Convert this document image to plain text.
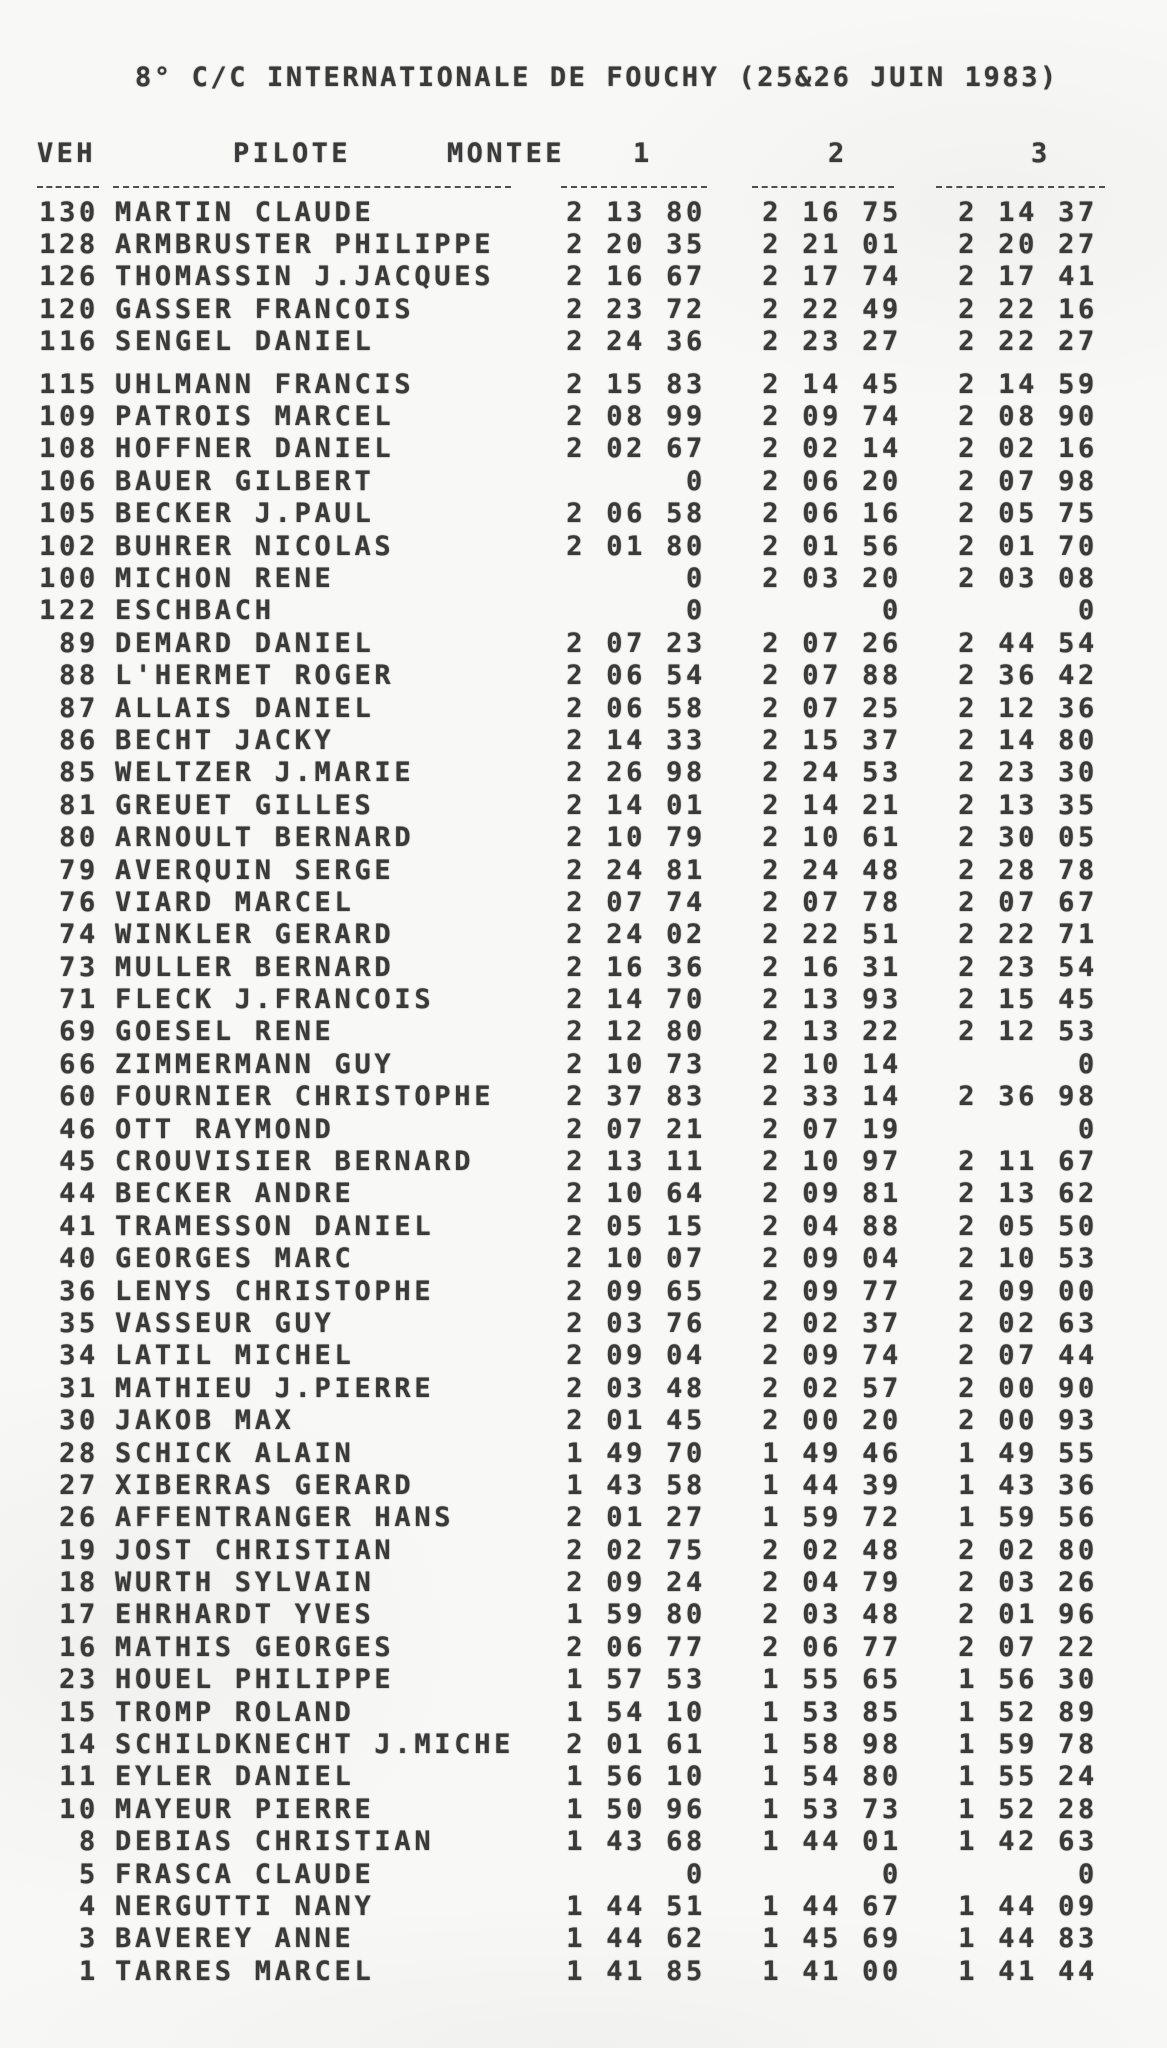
8° C/C INTERNATIONALE DE FOUCHY (25&26 JUIN 1983)
VEH	PILOTE	MONTEE	1	2	3
130 MARTIN CLAUDE	2 13 80	2 16 75	2 14 37
128 ARMBRUSTER PHILIPPE	2 20 35	2 21 01	2 20 27
126 THOMASSIN J.JACQUES	2 16 67	2 17 74	2 17 41
120 GASSER FRANCOIS	2 23 72	2 22 49	2 22 16
116 SENGEL DANIEL	2 24 36	2 23 27	2 22 27
115 UHLMANN FRANCIS	2 15 83	2 14 45	2 14 59
109 PATROIS MARCEL	2 08 99	2 09 74	2 08 90
108 HOFFNER DANIEL	2 02 67	2 02 14	2 02 16
106 BAUER GILBERT	0	2 06 20	2 07 98
105 BECKER J.PAUL	2 06 58	2 06 16	2 05 75
102 BUHRER NICOLAS	2 01 80	2 01 56	2 01 70
100 MICHON RENE	0	2 03 20	2 03 08
122 ESCHBACH	0	0	0
89 DEMARD DANIEL	2 07 23	2 07 26	2 44 54
88 L'HERMET ROGER	2 06 54	2 07 88	2 36 42
87 ALLAIS DANIEL	2 06 58	2 07 25	2 12 36
86 BECHT JACKY	2 14 33	2 15 37	2 14 80
85 WELTZER J.MARIE	2 26 98	2 24 53	2 23 30
81 GREUET GILLES	2 14 01	2 14 21	2 13 35
80 ARNOULT BERNARD	2 10 79	2 10 61	2 30 05
79 AVERQUIN SERGE	2 24 81	2 24 48	2 28 78
76 VIARD MARCEL	2 07 74	2 07 78	2 07 67
74 WINKLER GERARD	2 24 02	2 22 51	2 22 71
73 MULLER BERNARD	2 16 36	2 16 31	2 23 54
71 FLECK J.FRANCOIS	2 14 70	2 13 93	2 15 45
69 GOESEL RENE	2 12 80	2 13 22	2 12 53
66 ZIMMERMANN GUY	2 10 73	2 10 14	0
60 FOURNIER CHRISTOPHE	2 37 83	2 33 14	2 36 98
46 OTT RAYMOND	2 07 21	2 07 19	0
45 CROUVISIER BERNARD	2 13 11	2 10 97	2 11 67
44 BECKER ANDRE	2 10 64	2 09 81	2 13 62
41 TRAMESSON DANIEL	2 05 15	2 04 88	2 05 50
40 GEORGES MARC	2 10 07	2 09 04	2 10 53
36 LENYS CHRISTOPHE	2 09 65	2 09 77	2 09 00
35 VASSEUR GUY	2 03 76	2 02 37	2 02 63
34 LATIL MICHEL	2 09 04	2 09 74	2 07 44
31 MATHIEU J.PIERRE	2 03 48	2 02 57	2 00 90
30 JAKOB MAX	2 01 45	2 00 20	2 00 93
28 SCHICK ALAIN	1 49 70	1 49 46	1 49 55
27 XIBERRAS GERARD	1 43 58	1 44 39	1 43 36
26 AFFENTRANGER HANS	2 01 27	1 59 72	1 59 56
19 JOST CHRISTIAN	2 02 75	2 02 48	2 02 80
18 WURTH SYLVAIN	2 09 24	2 04 79	2 03 26
17 EHRHARDT YVES	1 59 80	2 03 48	2 01 96
16 MATHIS GEORGES	2 06 77	2 06 77	2 07 22
23 HOUEL PHILIPPE	1 57 53	1 55 65	1 56 30
15 TROMP ROLAND	1 54 10	1 53 85	1 52 89
14 SCHILDKNECHT J.MICHE	2 01 61	1 58 98	1 59 78
11 EYLER DANIEL	1 56 10	1 54 80	1 55 24
10 MAYEUR PIERRE	1 50 96	1 53 73	1 52 28
8 DEBIAS CHRISTIAN	1 43 68	1 44 01	1 42 63
5 FRASCA CLAUDE	0	0	0
4 NERGUTTI NANY	1 44 51	1 44 67	1 44 09
3 BAVEREY ANNE	1 44 62	1 45 69	1 44 83
1 TARRES MARCEL	1 41 85	1 41 00	1 41 44
